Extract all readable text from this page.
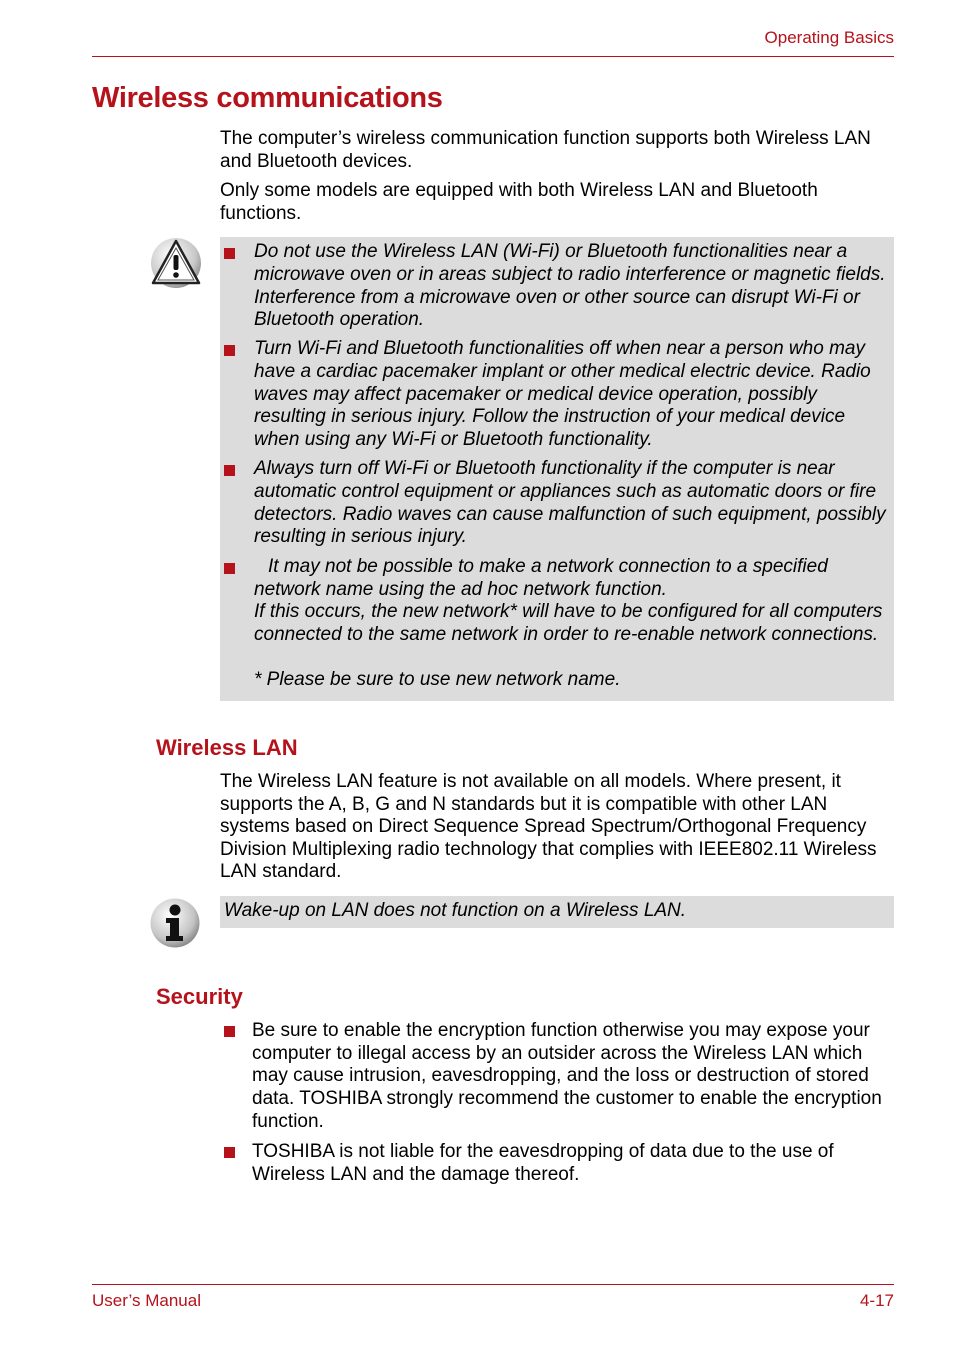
Operating Basics
Wireless communications
The computer’s wireless communication function supports both Wireless LAN and Bluetooth devices.
Only some models are equipped with both Wireless LAN and Bluetooth functions.
Do not use the Wireless LAN (Wi-Fi) or Bluetooth functionalities near a microwave oven or in areas subject to radio interference or magnetic fields. Interference from a microwave oven or other source can disrupt Wi-Fi or Bluetooth operation.
Turn Wi-Fi and Bluetooth functionalities off when near a person who may have a cardiac pacemaker implant or other medical electric device. Radio waves may affect pacemaker or medical device operation, possibly resulting in serious injury. Follow the instruction of your medical device when using any Wi-Fi or Bluetooth functionality.
Always turn off Wi-Fi or Bluetooth functionality if the computer is near automatic control equipment or appliances such as automatic doors or fire detectors. Radio waves can cause malfunction of such equipment, possibly resulting in serious injury.
It may not be possible to make a network connection to a specified network name using the ad hoc network function.
If this occurs, the new network* will have to be configured for all computers connected to the same network in order to re-enable network connections.
* Please be sure to use new network name.
Wireless LAN
The Wireless LAN feature is not available on all models. Where present, it supports the A, B, G and N standards but it is compatible with other LAN systems based on Direct Sequence Spread Spectrum/Orthogonal Frequency Division Multiplexing radio technology that complies with IEEE802.11 Wireless LAN standard.
Wake-up on LAN does not function on a Wireless LAN.
Security
Be sure to enable the encryption function otherwise you may expose your computer to illegal access by an outsider across the Wireless LAN which may cause intrusion, eavesdropping, and the loss or destruction of stored data. TOSHIBA strongly recommend the customer to enable the encryption function.
TOSHIBA is not liable for the eavesdropping of data due to the use of Wireless LAN and the damage thereof.
User’s Manual	4-17
